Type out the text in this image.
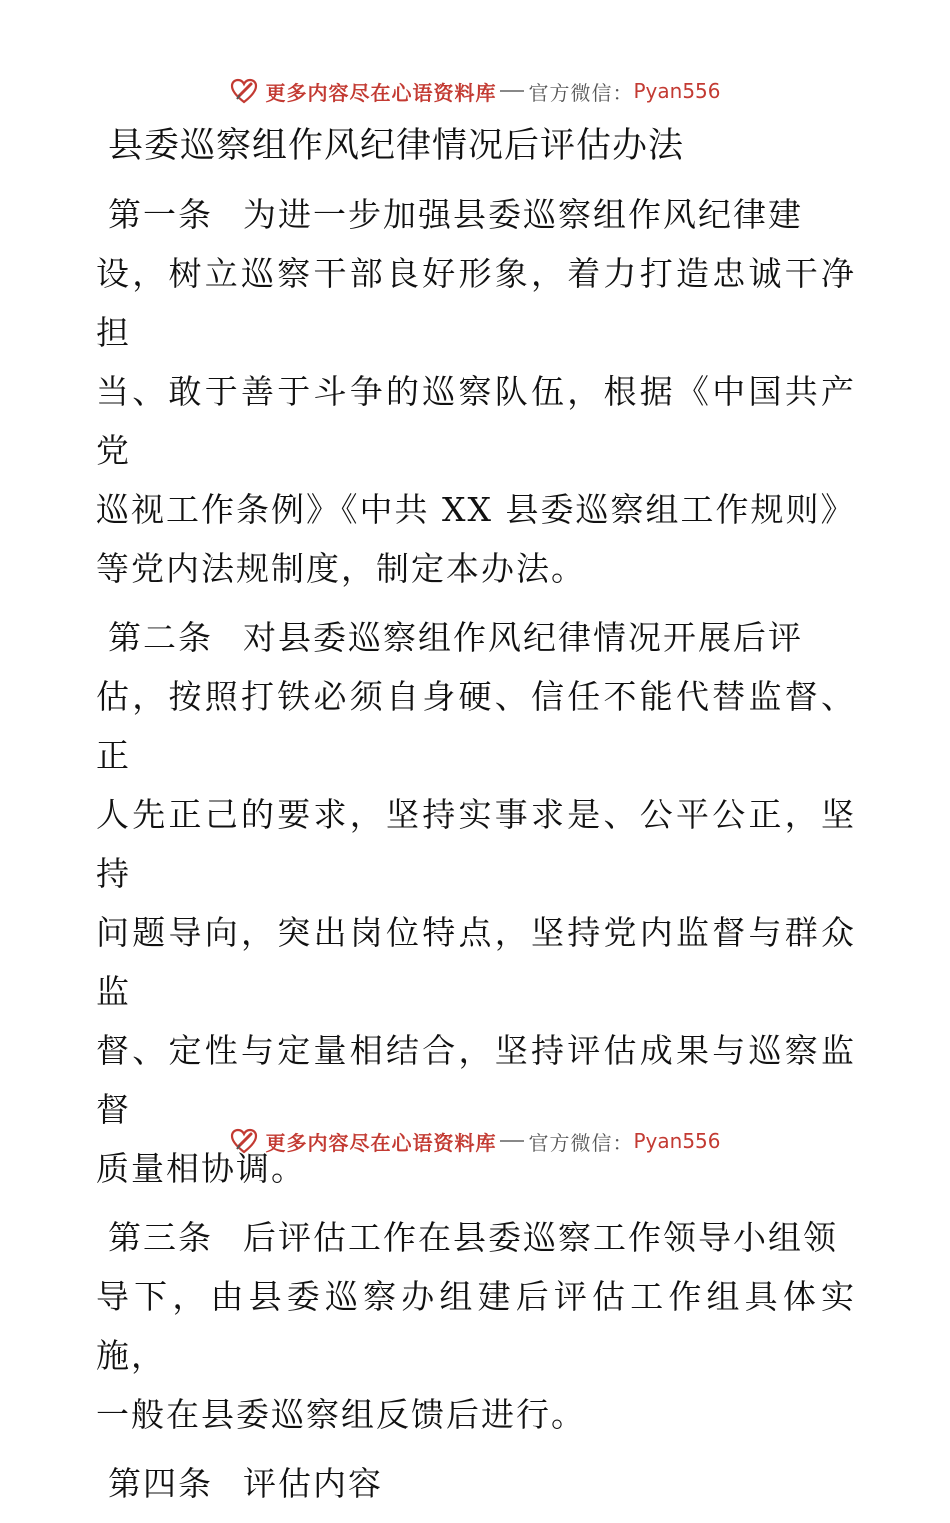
更多内容尽在心语资料库 官方微信： Pyan556
县委巡察组作风纪律情况后评估办法
第一条 为进一步加强县委巡察组作风纪律建
设，树立巡察干部良好形象，着力打造忠诚干净担
当、敢于善于斗争的巡察队伍，根据《中国共产党
巡视工作条例》《中共 XX 县委巡察组工作规则》
等党内法规制度，制定本办法。
第二条 对县委巡察组作风纪律情况开展后评
估，按照打铁必须自身硬、信任不能代替监督、正
人先正己的要求，坚持实事求是、公平公正，坚持
问题导向，突出岗位特点，坚持党内监督与群众监
督、定性与定量相结合，坚持评估成果与巡察监督
质量相协调。
第三条 后评估工作在县委巡察工作领导小组领
导下，由县委巡察办组建后评估工作组具体实施，
一般在县委巡察组反馈后进行。
第四条 评估内容
更多内容尽在心语资料库 官方微信： Pyan556
